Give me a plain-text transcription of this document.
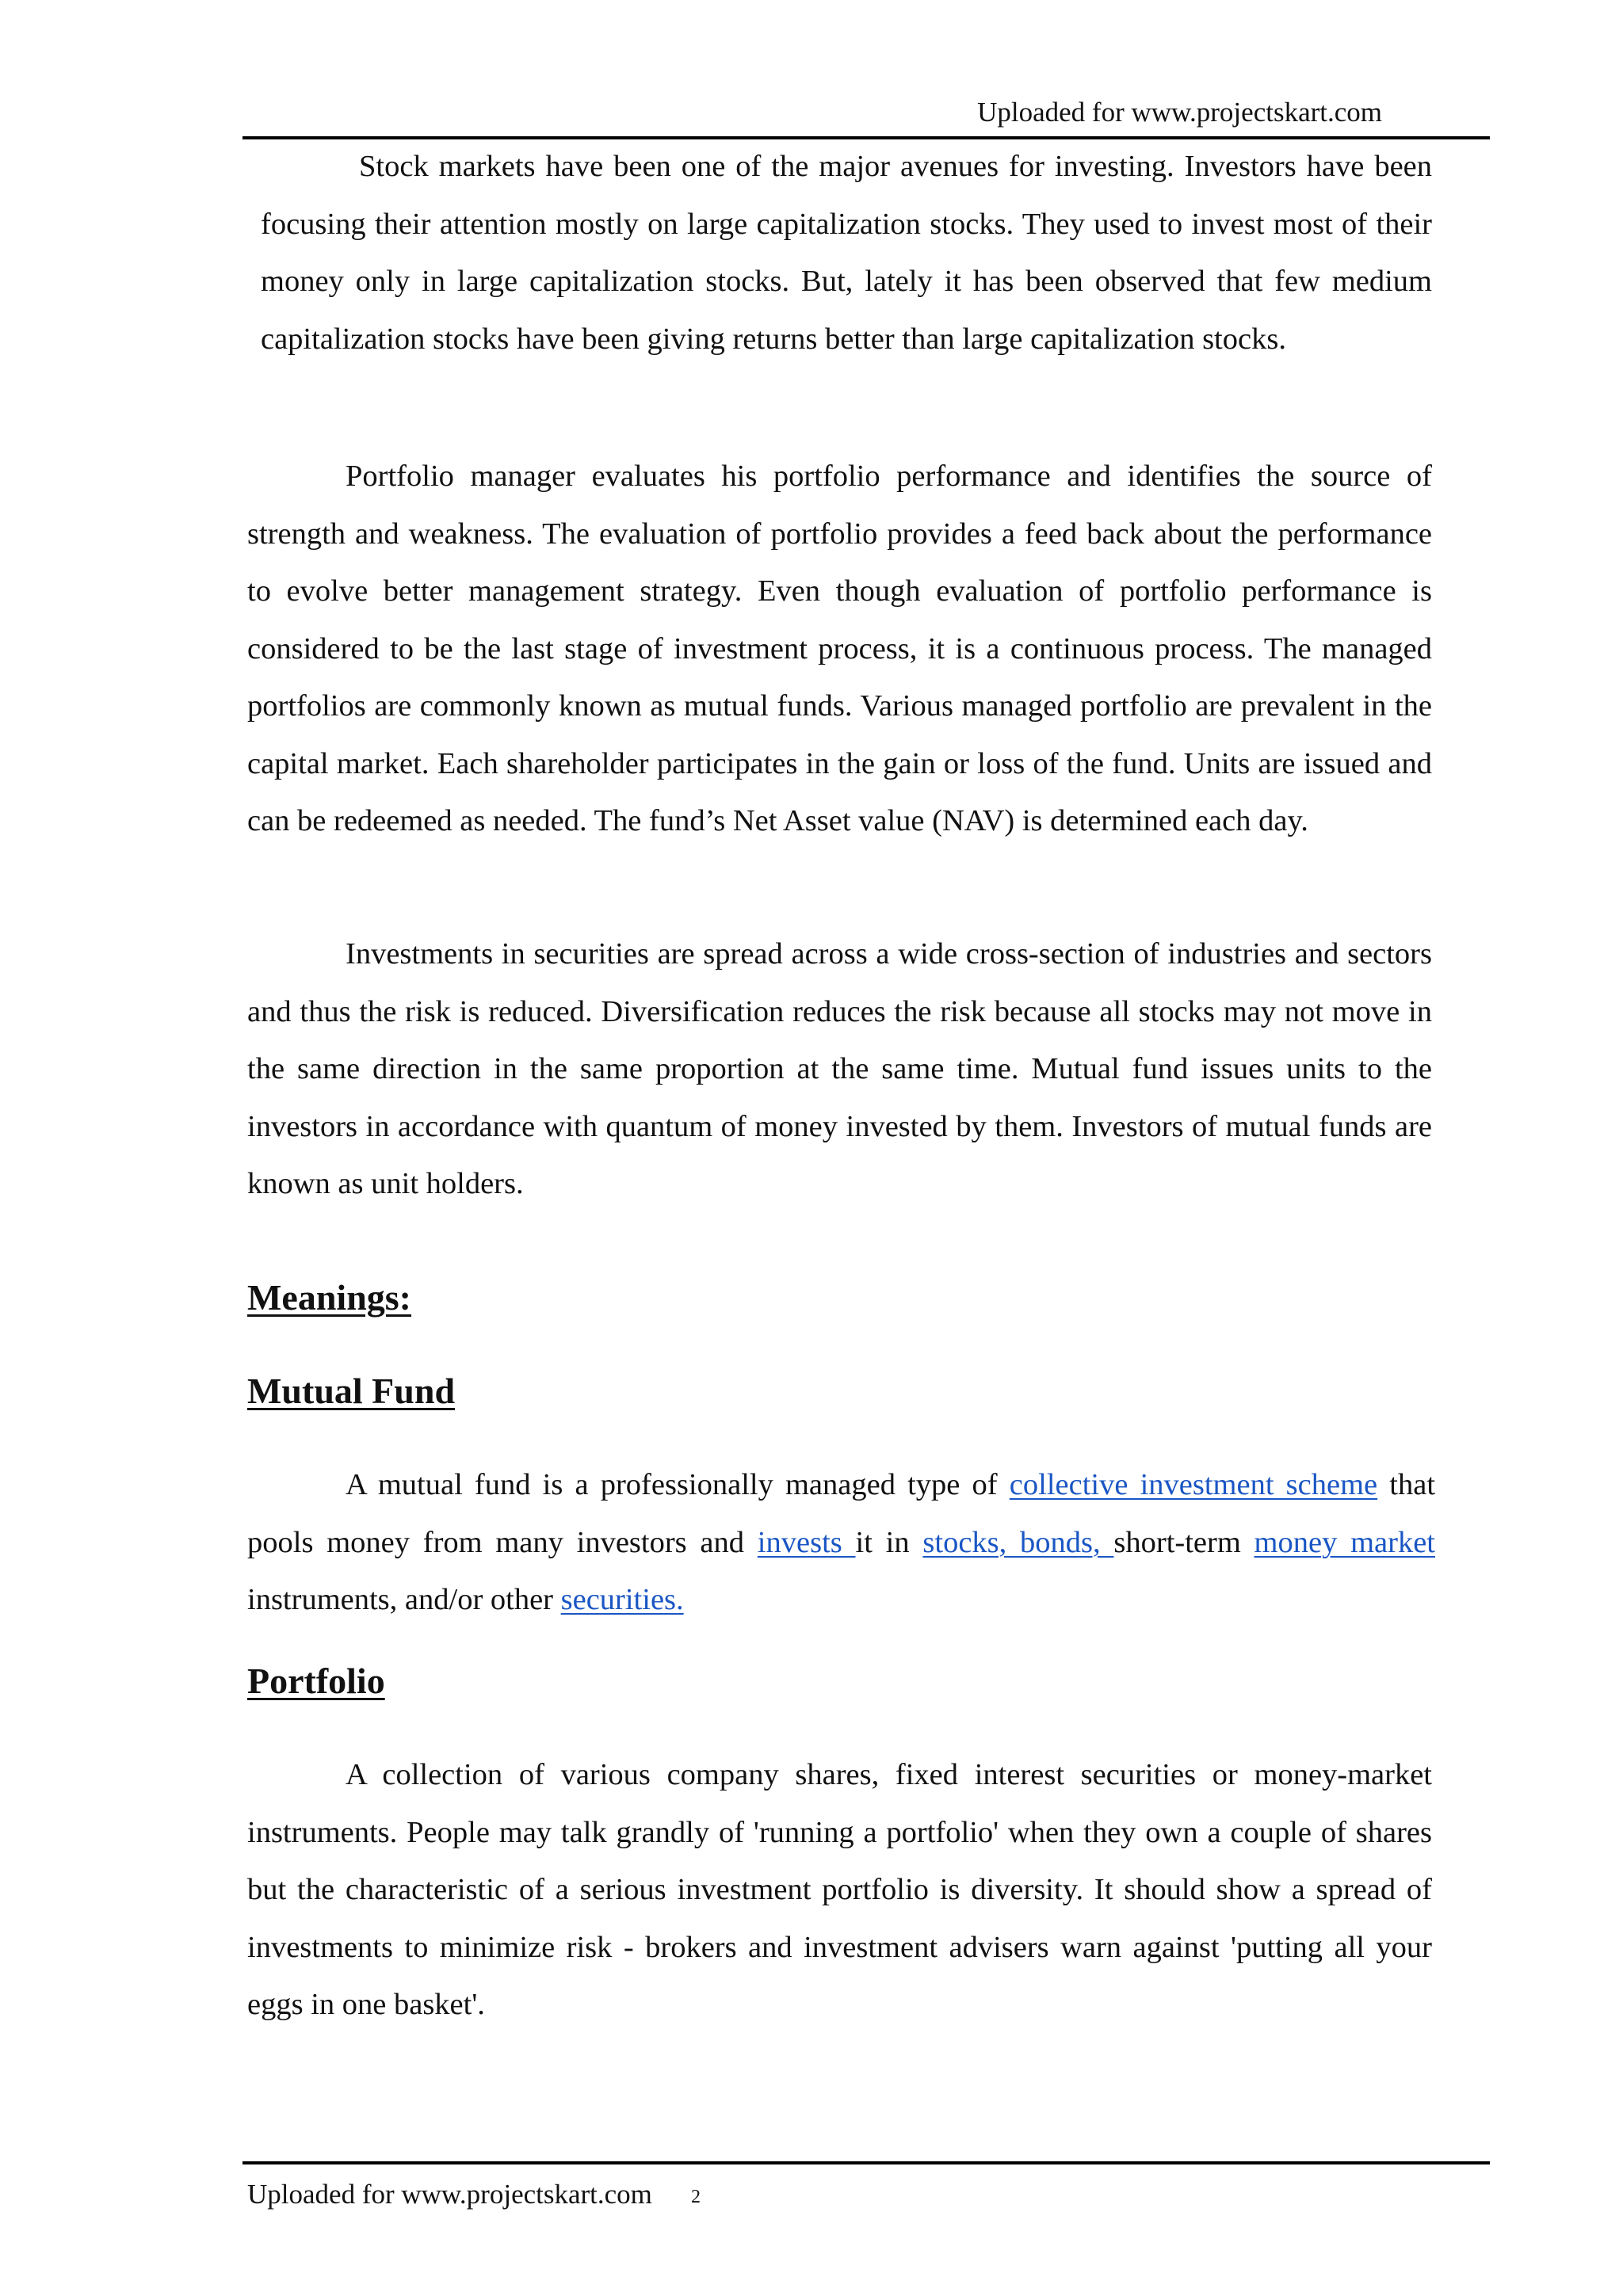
Uploaded for www.projectskart.com

Stock markets have been one of the major avenues for investing. Investors have been focusing their attention mostly on large capitalization stocks. They used to invest most of their money only in large capitalization stocks. But, lately it has been observed that few medium capitalization stocks have been giving returns better than large capitalization stocks.

Portfolio manager evaluates his portfolio performance and identifies the source of strength and weakness. The evaluation of portfolio provides a feed back about the performance to evolve better management strategy. Even though evaluation of portfolio performance is considered to be the last stage of investment process, it is a continuous process. The managed portfolios are commonly known as mutual funds. Various managed portfolio are prevalent in the capital market. Each shareholder participates in the gain or loss of the fund. Units are issued and can be redeemed as needed. The fund’s Net Asset value (NAV) is determined each day.

Investments in securities are spread across a wide cross-section of industries and sectors and thus the risk is reduced. Diversification reduces the risk because all stocks may not move in the same direction in the same proportion at the same time. Mutual fund issues units to the investors in accordance with quantum of money invested by them. Investors of mutual funds are known as unit holders.

Meanings:
Mutual Fund

A mutual fund is a professionally managed type of collective investment scheme that pools money from many investors and invests it in stocks, bonds, short-term money market instruments, and/or other securities.

Portfolio

A collection of various company shares, fixed interest securities or money-market instruments. People may talk grandly of 'running a portfolio' when they own a couple of shares but the characteristic of a serious investment portfolio is diversity. It should show a spread of investments to minimize risk - brokers and investment advisers warn against 'putting all your eggs in one basket'.

Uploaded for www.projectskart.com 2
